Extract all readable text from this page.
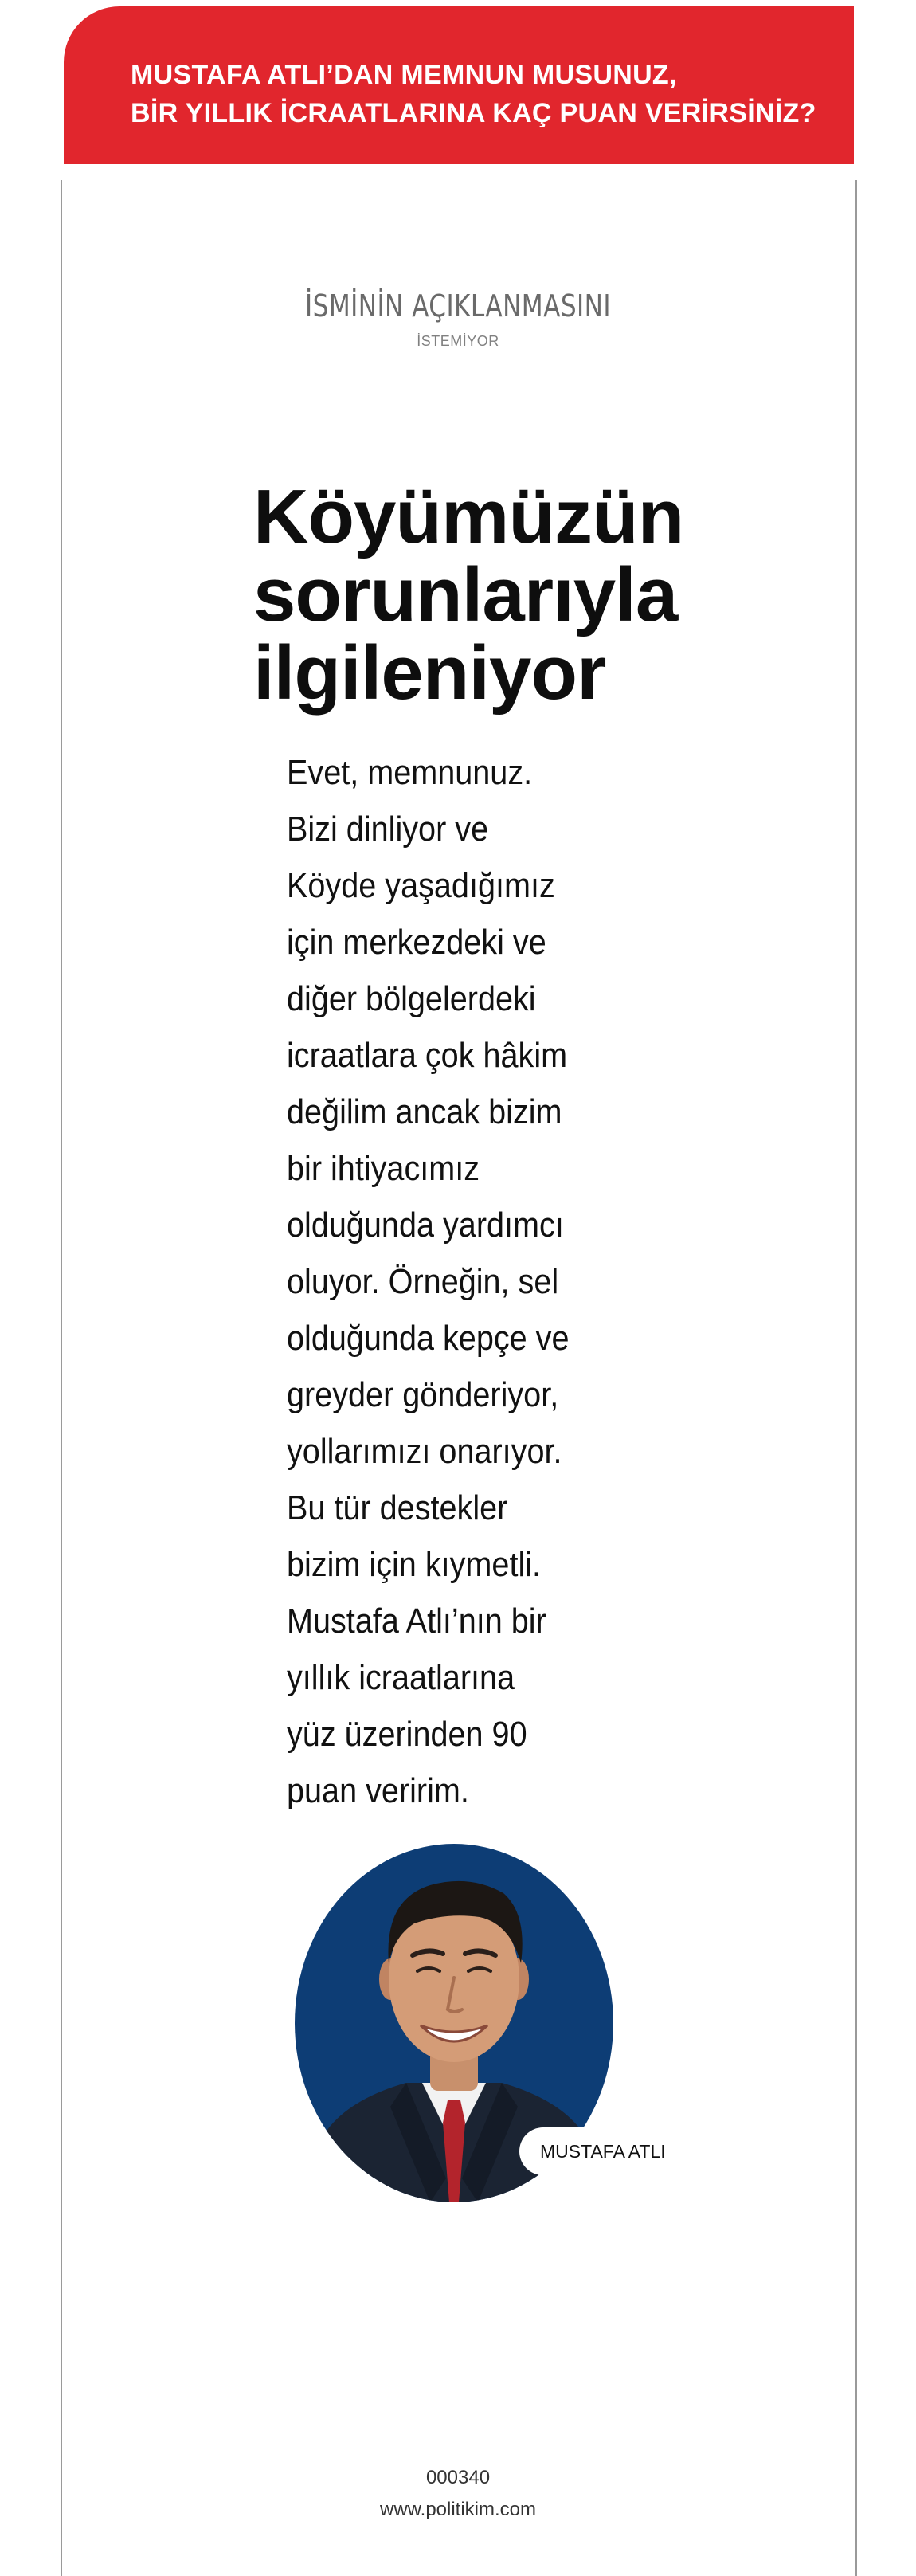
MUSTAFA ATLI’DAN MEMNUN MUSUNUZ,
BİR YILLIK İCRAATLARINA KAÇ PUAN VERİRSİNİZ?
İSMİNİN AÇIKLANMASINI
İSTEMİYOR
Köyümüzün
sorunlarıyla
ilgileniyor
Evet, memnunuz.
Bizi dinliyor ve
Köyde yaşadığımız
için merkezdeki ve
diğer bölgelerdeki
icraatlara çok hâkim
değilim ancak bizim
bir ihtiyacımız
olduğunda yardımcı
oluyor. Örneğin, sel
olduğunda kepçe ve
greyder gönderiyor,
yollarımızı onarıyor.
Bu tür destekler
bizim için kıymetli.
Mustafa Atlı’nın bir
yıllık icraatlarına
yüz üzerinden 90
puan veririm.
MUSTAFA ATLI
000340
www.politikim.com
